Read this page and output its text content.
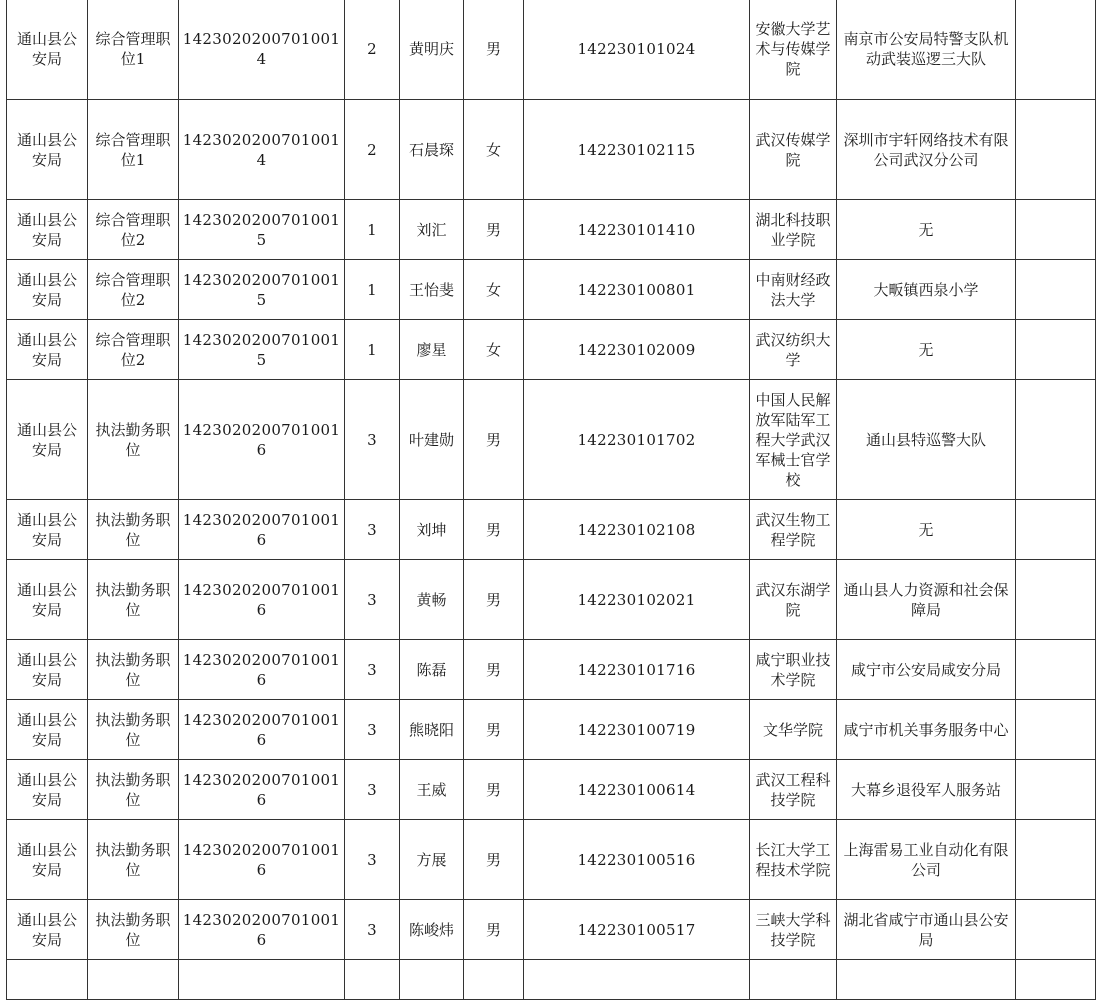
通山县公安局	综合管理职位1	14230202007010014	2	黄明庆	男	142230101024	安徽大学艺术与传媒学院	南京市公安局特警支队机动武装巡逻三大队	
通山县公安局	综合管理职位1	14230202007010014	2	石晨琛	女	142230102115	武汉传媒学院	深圳市宇轩网络技术有限公司武汉分公司	
通山县公安局	综合管理职位2	14230202007010015	1	刘汇	男	142230101410	湖北科技职业学院	无	
通山县公安局	综合管理职位2	14230202007010015	1	王怡斐	女	142230100801	中南财经政法大学	大畈镇西泉小学	
通山县公安局	综合管理职位2	14230202007010015	1	廖星	女	142230102009	武汉纺织大学	无	
通山县公安局	执法勤务职位	14230202007010016	3	叶建勋	男	142230101702	中国人民解放军陆军工程大学武汉军械士官学校	通山县特巡警大队	
通山县公安局	执法勤务职位	14230202007010016	3	刘坤	男	142230102108	武汉生物工程学院	无	
通山县公安局	执法勤务职位	14230202007010016	3	黄畅	男	142230102021	武汉东湖学院	通山县人力资源和社会保障局	
通山县公安局	执法勤务职位	14230202007010016	3	陈磊	男	142230101716	咸宁职业技术学院	咸宁市公安局咸安分局	
通山县公安局	执法勤务职位	14230202007010016	3	熊晓阳	男	142230100719	文华学院	咸宁市机关事务服务中心	
通山县公安局	执法勤务职位	14230202007010016	3	王威	男	142230100614	武汉工程科技学院	大幕乡退役军人服务站	
通山县公安局	执法勤务职位	14230202007010016	3	方展	男	142230100516	长江大学工程技术学院	上海雷易工业自动化有限公司	
通山县公安局	执法勤务职位	14230202007010016	3	陈峻炜	男	142230100517	三峡大学科技学院	湖北省咸宁市通山县公安局	
